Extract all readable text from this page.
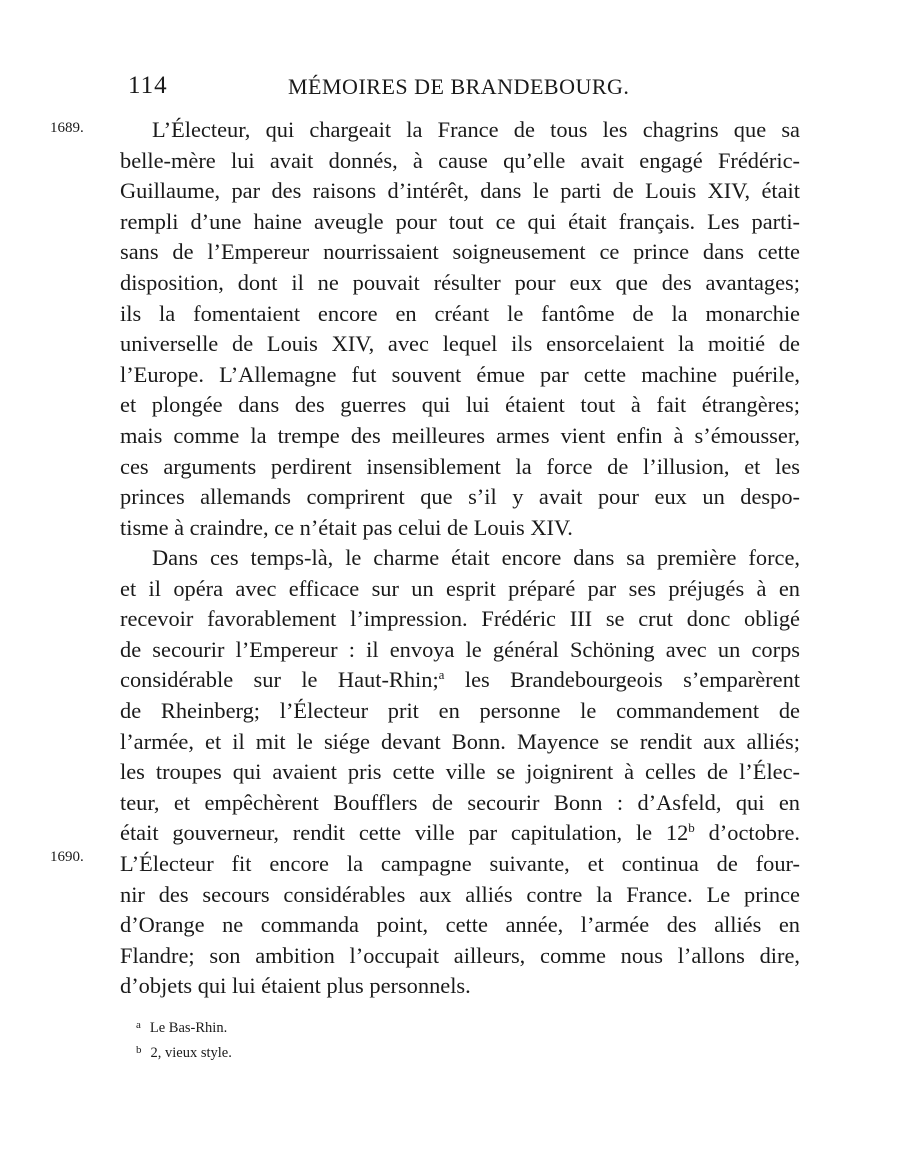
114	MÉMOIRES DE BRANDEBOURG.
1689.
1690.
L’Électeur, qui chargeait la France de tous les chagrins que sa
belle-mère lui avait donnés, à cause qu’elle avait engagé Frédéric-
Guillaume, par des raisons d’intérêt, dans le parti de Louis XIV, était
rempli d’une haine aveugle pour tout ce qui était français. Les parti-
sans de l’Empereur nourrissaient soigneusement ce prince dans cette
disposition, dont il ne pouvait résulter pour eux que des avantages;
ils la fomentaient encore en créant le fantôme de la monarchie
universelle de Louis XIV, avec lequel ils ensorcelaient la moitié de
l’Europe. L’Allemagne fut souvent émue par cette machine puérile,
et plongée dans des guerres qui lui étaient tout à fait étrangères;
mais comme la trempe des meilleures armes vient enfin à s’émousser,
ces arguments perdirent insensiblement la force de l’illusion, et les
princes allemands comprirent que s’il y avait pour eux un despo-
tisme à craindre, ce n’était pas celui de Louis XIV.
Dans ces temps-là, le charme était encore dans sa première force,
et il opéra avec efficace sur un esprit préparé par ses préjugés à en
recevoir favorablement l’impression. Frédéric III se crut donc obligé
de secourir l’Empereur : il envoya le général Schöning avec un corps
considérable sur le Haut-Rhin;$^a$ les Brandebourgeois s’emparèrent
de Rheinberg; l’Électeur prit en personne le commandement de
l’armée, et il mit le siége devant Bonn. Mayence se rendit aux alliés;
les troupes qui avaient pris cette ville se joignirent à celles de l’Élec-
teur, et empêchèrent Boufflers de secourir Bonn : d’Asfeld, qui en
était gouverneur, rendit cette ville par capitulation, le 12$^b$ d’octobre.
L’Électeur fit encore la campagne suivante, et continua de four-
nir des secours considérables aux alliés contre la France. Le prince
d’Orange ne commanda point, cette année, l’armée des alliés en
Flandre; son ambition l’occupait ailleurs, comme nous l’allons dire,
d’objets qui lui étaient plus personnels.
$^a$ Le Bas-Rhin.
$^b$ 2, vieux style.
